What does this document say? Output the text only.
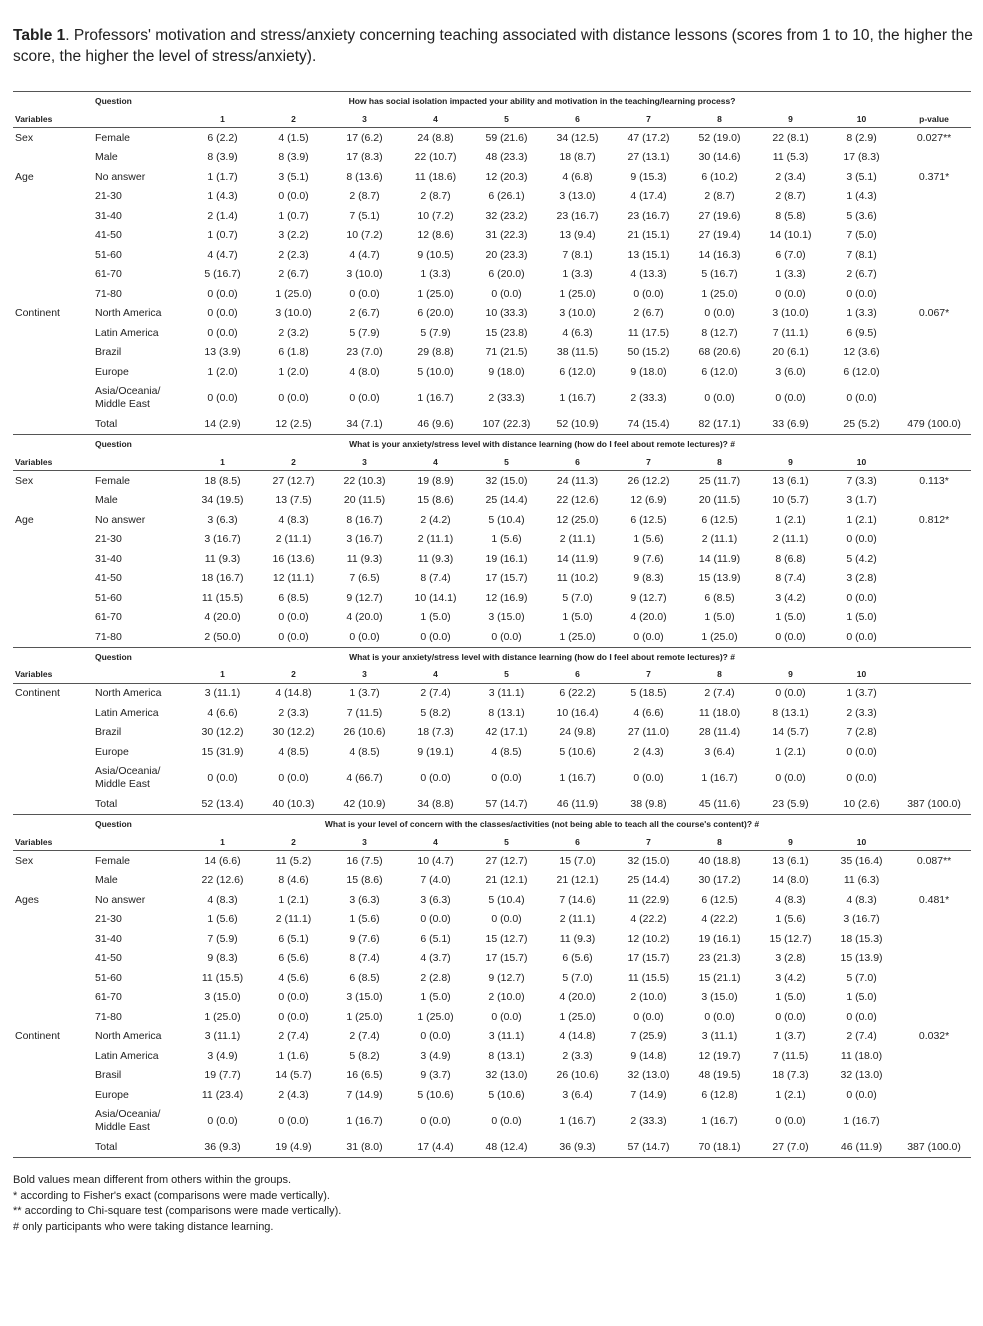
Table 1. Professors' motivation and stress/anxiety concerning teaching associated with distance lessons (scores from 1 to 10, the higher the score, the higher the level of stress/anxiety).
	Question	How has social isolation impacted your ability and motivation in the teaching/learning process?										
Variables		1	2	3	4	5	6	7	8	9	10	p-value
Sex	Female	6 (2.2)	4 (1.5)	17 (6.2)	24 (8.8)	59 (21.6)	34 (12.5)	47 (17.2)	52 (19.0)	22 (8.1)	8 (2.9)	0.027**
	Male	8 (3.9)	8 (3.9)	17 (8.3)	22 (10.7)	48 (23.3)	18 (8.7)	27 (13.1)	30 (14.6)	11 (5.3)	17 (8.3)	
Age	No answer	1 (1.7)	3 (5.1)	8 (13.6)	11 (18.6)	12 (20.3)	4 (6.8)	9 (15.3)	6 (10.2)	2 (3.4)	3 (5.1)	0.371*
	21-30	1 (4.3)	0 (0.0)	2 (8.7)	2 (8.7)	6 (26.1)	3 (13.0)	4 (17.4)	2 (8.7)	2 (8.7)	1 (4.3)	
	31-40	2 (1.4)	1 (0.7)	7 (5.1)	10 (7.2)	32 (23.2)	23 (16.7)	23 (16.7)	27 (19.6)	8 (5.8)	5 (3.6)	
	41-50	1 (0.7)	3 (2.2)	10 (7.2)	12 (8.6)	31 (22.3)	13 (9.4)	21 (15.1)	27 (19.4)	14 (10.1)	7 (5.0)	
	51-60	4 (4.7)	2 (2.3)	4 (4.7)	9 (10.5)	20 (23.3)	7 (8.1)	13 (15.1)	14 (16.3)	6 (7.0)	7 (8.1)	
	61-70	5 (16.7)	2 (6.7)	3 (10.0)	1 (3.3)	6 (20.0)	1 (3.3)	4 (13.3)	5 (16.7)	1 (3.3)	2 (6.7)	
	71-80	0 (0.0)	1 (25.0)	0 (0.0)	1 (25.0)	0 (0.0)	1 (25.0)	0 (0.0)	1 (25.0)	0 (0.0)	0 (0.0)	
Continent	North America	0 (0.0)	3 (10.0)	2 (6.7)	6 (20.0)	10 (33.3)	3 (10.0)	2 (6.7)	0 (0.0)	3 (10.0)	1 (3.3)	0.067*
	Latin America	0 (0.0)	2 (3.2)	5 (7.9)	5 (7.9)	15 (23.8)	4 (6.3)	11 (17.5)	8 (12.7)	7 (11.1)	6 (9.5)	
	Brazil	13 (3.9)	6 (1.8)	23 (7.0)	29 (8.8)	71 (21.5)	38 (11.5)	50 (15.2)	68 (20.6)	20 (6.1)	12 (3.6)	
	Europe	1 (2.0)	1 (2.0)	4 (8.0)	5 (10.0)	9 (18.0)	6 (12.0)	9 (18.0)	6 (12.0)	3 (6.0)	6 (12.0)	

	Asia/Oceania/
Middle East	0 (0.0)	0 (0.0)	0 (0.0)	1 (16.7)	2 (33.3)	1 (16.7)	2 (33.3)	0 (0.0)	0 (0.0)	0 (0.0)	
	Total	14 (2.9)	12 (2.5)	34 (7.1)	46 (9.6)	107 (22.3)	52 (10.9)	74 (15.4)	82 (17.1)	33 (6.9)	25 (5.2)	479 (100.0)
	Question	What is your anxiety/stress level with distance learning (how do I feel about remote lectures)? #										
Variables		1	2	3	4	5	6	7	8	9	10	
Sex	Female	18 (8.5)	27 (12.7)	22 (10.3)	19 (8.9)	32 (15.0)	24 (11.3)	26 (12.2)	25 (11.7)	13 (6.1)	7 (3.3)	0.113*
	Male	34 (19.5)	13 (7.5)	20 (11.5)	15 (8.6)	25 (14.4)	22 (12.6)	12 (6.9)	20 (11.5)	10 (5.7)	3 (1.7)	
Age	No answer	3 (6.3)	4 (8.3)	8 (16.7)	2 (4.2)	5 (10.4)	12 (25.0)	6 (12.5)	6 (12.5)	1 (2.1)	1 (2.1)	0.812*
	21-30	3 (16.7)	2 (11.1)	3 (16.7)	2 (11.1)	1 (5.6)	2 (11.1)	1 (5.6)	2 (11.1)	2 (11.1)	0 (0.0)	
	31-40	11 (9.3)	16 (13.6)	11 (9.3)	11 (9.3)	19 (16.1)	14 (11.9)	9 (7.6)	14 (11.9)	8 (6.8)	5 (4.2)	
	41-50	18 (16.7)	12 (11.1)	7 (6.5)	8 (7.4)	17 (15.7)	11 (10.2)	9 (8.3)	15 (13.9)	8 (7.4)	3 (2.8)	
	51-60	11 (15.5)	6 (8.5)	9 (12.7)	10 (14.1)	12 (16.9)	5 (7.0)	9 (12.7)	6 (8.5)	3 (4.2)	0 (0.0)	
	61-70	4 (20.0)	0 (0.0)	4 (20.0)	1 (5.0)	3 (15.0)	1 (5.0)	4 (20.0)	1 (5.0)	1 (5.0)	1 (5.0)	
	71-80	2 (50.0)	0 (0.0)	0 (0.0)	0 (0.0)	0 (0.0)	1 (25.0)	0 (0.0)	1 (25.0)	0 (0.0)	0 (0.0)	
	Question	What is your anxiety/stress level with distance learning (how do I feel about remote lectures)? #										
Variables		1	2	3	4	5	6	7	8	9	10	
Continent	North America	3 (11.1)	4 (14.8)	1 (3.7)	2 (7.4)	3 (11.1)	6 (22.2)	5 (18.5)	2 (7.4)	0 (0.0)	1 (3.7)	
	Latin America	4 (6.6)	2 (3.3)	7 (11.5)	5 (8.2)	8 (13.1)	10 (16.4)	4 (6.6)	11 (18.0)	8 (13.1)	2 (3.3)	
	Brazil	30 (12.2)	30 (12.2)	26 (10.6)	18 (7.3)	42 (17.1)	24 (9.8)	27 (11.0)	28 (11.4)	14 (5.7)	7 (2.8)	
	Europe	15 (31.9)	4 (8.5)	4 (8.5)	9 (19.1)	4 (8.5)	5 (10.6)	2 (4.3)	3 (6.4)	1 (2.1)	0 (0.0)	

	Asia/Oceania/
Middle East	0 (0.0)	0 (0.0)	4 (66.7)	0 (0.0)	0 (0.0)	1 (16.7)	0 (0.0)	1 (16.7)	0 (0.0)	0 (0.0)	
	Total	52 (13.4)	40 (10.3)	42 (10.9)	34 (8.8)	57 (14.7)	46 (11.9)	38 (9.8)	45 (11.6)	23 (5.9)	10 (2.6)	387 (100.0)
	Question	What is your level of concern with the classes/activities (not being able to teach all the course's content)? #										
Variables		1	2	3	4	5	6	7	8	9	10	
Sex	Female	14 (6.6)	11 (5.2)	16 (7.5)	10 (4.7)	27 (12.7)	15 (7.0)	32 (15.0)	40 (18.8)	13 (6.1)	35 (16.4)	0.087**
	Male	22 (12.6)	8 (4.6)	15 (8.6)	7 (4.0)	21 (12.1)	21 (12.1)	25 (14.4)	30 (17.2)	14 (8.0)	11 (6.3)	
Ages	No answer	4 (8.3)	1 (2.1)	3 (6.3)	3 (6.3)	5 (10.4)	7 (14.6)	11 (22.9)	6 (12.5)	4 (8.3)	4 (8.3)	0.481*
	21-30	1 (5.6)	2 (11.1)	1 (5.6)	0 (0.0)	0 (0.0)	2 (11.1)	4 (22.2)	4 (22.2)	1 (5.6)	3 (16.7)	
	31-40	7 (5.9)	6 (5.1)	9 (7.6)	6 (5.1)	15 (12.7)	11 (9.3)	12 (10.2)	19 (16.1)	15 (12.7)	18 (15.3)	
	41-50	9 (8.3)	6 (5.6)	8 (7.4)	4 (3.7)	17 (15.7)	6 (5.6)	17 (15.7)	23 (21.3)	3 (2.8)	15 (13.9)	
	51-60	11 (15.5)	4 (5.6)	6 (8.5)	2 (2.8)	9 (12.7)	5 (7.0)	11 (15.5)	15 (21.1)	3 (4.2)	5 (7.0)	
	61-70	3 (15.0)	0 (0.0)	3 (15.0)	1 (5.0)	2 (10.0)	4 (20.0)	2 (10.0)	3 (15.0)	1 (5.0)	1 (5.0)	
	71-80	1 (25.0)	0 (0.0)	1 (25.0)	1 (25.0)	0 (0.0)	1 (25.0)	0 (0.0)	0 (0.0)	0 (0.0)	0 (0.0)	
Continent	North America	3 (11.1)	2 (7.4)	2 (7.4)	0 (0.0)	3 (11.1)	4 (14.8)	7 (25.9)	3 (11.1)	1 (3.7)	2 (7.4)	0.032*
	Latin America	3 (4.9)	1 (1.6)	5 (8.2)	3 (4.9)	8 (13.1)	2 (3.3)	9 (14.8)	12 (19.7)	7 (11.5)	11 (18.0)	
	Brasil	19 (7.7)	14 (5.7)	16 (6.5)	9 (3.7)	32 (13.0)	26 (10.6)	32 (13.0)	48 (19.5)	18 (7.3)	32 (13.0)	
	Europe	11 (23.4)	2 (4.3)	7 (14.9)	5 (10.6)	5 (10.6)	3 (6.4)	7 (14.9)	6 (12.8)	1 (2.1)	0 (0.0)	

	Asia/Oceania/
Middle East	0 (0.0)	0 (0.0)	1 (16.7)	0 (0.0)	0 (0.0)	1 (16.7)	2 (33.3)	1 (16.7)	0 (0.0)	1 (16.7)	
	Total	36 (9.3)	19 (4.9)	31 (8.0)	17 (4.4)	48 (12.4)	36 (9.3)	57 (14.7)	70 (18.1)	27 (7.0)	46 (11.9)	387 (100.0)
Bold values mean different from others within the groups.
* according to Fisher's exact (comparisons were made vertically).
** according to Chi-square test (comparisons were made vertically).
# only participants who were taking distance learning.
